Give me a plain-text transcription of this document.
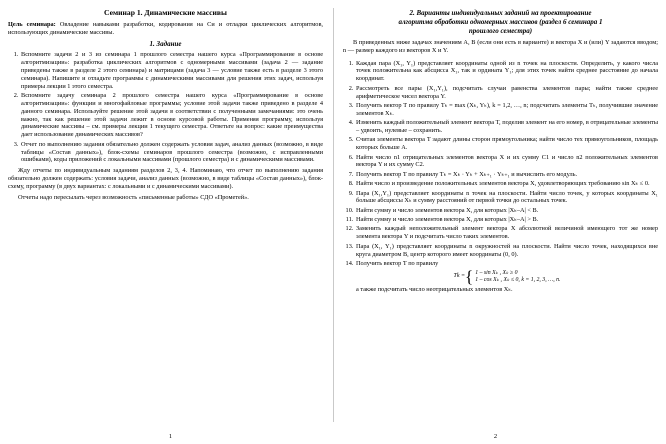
Семинар 1. Динамические массивы
Цель семинара: Овладение навыками разработки, кодирования на Си и отладки циклических алгоритмов, использующих динамические массивы.
1. Задание
1. Вспомните задачи 2 и 3 из семинара 1 прошлого семестра нашего курса «Программирование в основе алгоритмизации»: разработка циклических алгоритмов с одномерными массивами (задача 2 — задание приведены также в разделе 2 этого семинара) и матрицами (задача 3 — условие также есть в разделе 3 этого семинара). Напишите и отладьте программы с динамическими массивами для решения этих задач, используя примеры лекции 1 этого семестра.
2. Вспомните задачу семинара 2 прошлого семестра нашего курса «Программирование в основе алгоритмизации»: функции и многофайловые программы; условие этой задачи также приведено в разделе 4 данного семинара. Используйте решение этой задачи в соответствии с полученными замечаниями: это очень важно, так как решение этой задачи лежит в основе курсовой работы. Применяя программу, используя динамические массивы – см. примеры лекции 1 текущего семестра. Ответьте на вопрос: какие преимущества дает использование динамических массивов?
3. Отчет по выполнению задания обязательно должен содержать условия задач, анализ данных (возможно, в виде таблицы «Состав данных»), блок-схемы семинаров прошлого семестра (возможно, с исправленными ошибками), коды приложений с локальными массивами (прошлого семестра) и с динамическими массивами.
Жду отчеты по индивидуальным заданиям разделов 2, 3, 4. Напоминаю, что отчет по выполнению задания обязательно должен содержать: условия задачи, анализ данных (возможно, в виде таблицы «Состав данных»), блок-схему, программу (в двух вариантах: с локальными и с динамическими массивами).
Отчеты надо пересылать через возможность «письменные работы» СДО «Прометей».
1
2. Варианты индивидуальных заданий на проектирование
алгоритма обработки одномерных массивов (раздел 6 семинара 1
прошлого семестра)
В приведенных ниже задачах значениям A, B (если они есть в варианте) и вектора X и (или) Y задаются вводом; n — размер каждого из векторов X и Y.
1. Каждая пара (X₁, Y₁) представляет координаты одной из n точек на плоскости. Определить, у какого числа точек положительна как абсцисса X₁, так и ордината Y₁; для этих точек найти среднее расстояние до начала координат.
2. Рассмотреть все пары (X₁,Y₁), подсчитать случаи равенства элементов пары; найти также среднее арифметическое чисел вектора Y.
3. Получить вектор T по правилу Tₖ = max (Xₖ, Yₖ), k = 1,2, …, n; подсчитать элементы Tₖ, получившие значение элементов Xₖ.
4. Изменить каждый положительный элемент вектора T, поделив элемент на его номер, в отрицательные элементы – удвоить, нулевые – сохранить.
5. Считая элементы вектора T задают длины сторон прямоугольника; найти число тех прямоугольников, площадь которых больше A.
6. Найти число n1 отрицательных элементов вектора X и их сумму C1 и число n2 положительных элементов вектора Y и их сумму C2.
7. Получить вектор T по правилу Tₖ = Xₖ · Yₖ + Xₖ₊₁ · Yₖ₊₁ и вычислить его модуль.
8. Найти число и произведение положительных элементов вектора X, удовлетворяющих требованию sin Xₖ ≤ 0.
9. Пара (X₁,Y₁) представляет координаты n точек на плоскости. Найти число точек, у которых координаты X₁ больше абсциссы Xₖ и сумму расстояний от первой точки до остальных точек.
10. Найти сумму и число элементов вектора X, для которых |Xₖ–A| < B.
11. Найти сумму и число элементов вектора X, для которых |Xₖ–A| > B.
12. Заменить каждый неположительный элемент вектора X абсолютной величиной имеющего тот же номер элемента вектора Y и подсчитать число таких элементов.
13. Пара (X₁, Y₁) представляет координаты n окружностей на плоскости. Найти число точек, находящихся вне круга диаметром B, центр которого имеет координаты (0, 0).
14. Получить вектор T по правилу
Tk = { 1 – sin Xₖ , Xₖ ≥ 0
1 – cos Xₖ , Xₖ ≤ 0, k = 1, 2, 3, …, n.
а также подсчитать число неотрицательных элементов Xₖ.
2
